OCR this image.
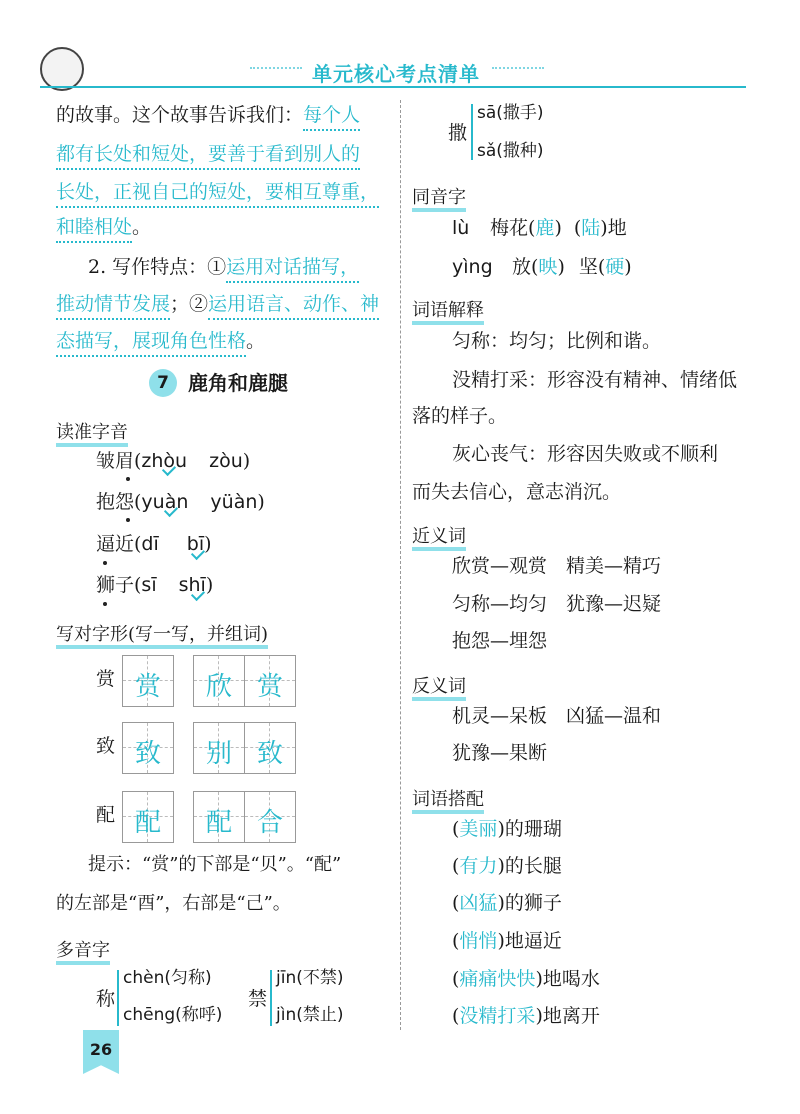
单元核心考点清单
的故事。这个故事告诉我们：每个人
都有长处和短处，要善于看到别人的
长处，正视自己的短处，要相互尊重，
和睦相处。
2. 写作特点：①运用对话描写，
推动情节发展；②运用语言、动作、神
态描写，展现角色性格。
7 鹿角和鹿腿
读准字音
皱眉(zhòu zòu)
抱怨(yuàn yüàn)
逼近(dī bī)
狮子(sī shī)
写对字形(写一写，并组词)
赏 赏	欣 赏
致 致	别 致
配 配	配 合
提示：“赏”的下部是“贝”。“配”
的左部是“酉”，右部是“己”。
多音字
称
chèn(匀称)
chēng(称呼)
禁
jīn(不禁)
jìn(禁止)
26
撒
sā(撒手)
sǎ(撒种)
同音字
lù 梅花(鹿) (陆)地
yìng 放(映) 坚(硬)
词语解释
匀称：均匀；比例和谐。
没精打采：形容没有精神、情绪低
落的样子。
灰心丧气：形容因失败或不顺利
而失去信心，意志消沉。
近义词
欣赏—观赏　精美—精巧
匀称—均匀　犹豫—迟疑
抱怨—埋怨
反义词
机灵—呆板　凶猛—温和
犹豫—果断
词语搭配
(美丽)的珊瑚
(有力)的长腿
(凶猛)的狮子
(悄悄)地逼近
(痛痛快快)地喝水
(没精打采)地离开
